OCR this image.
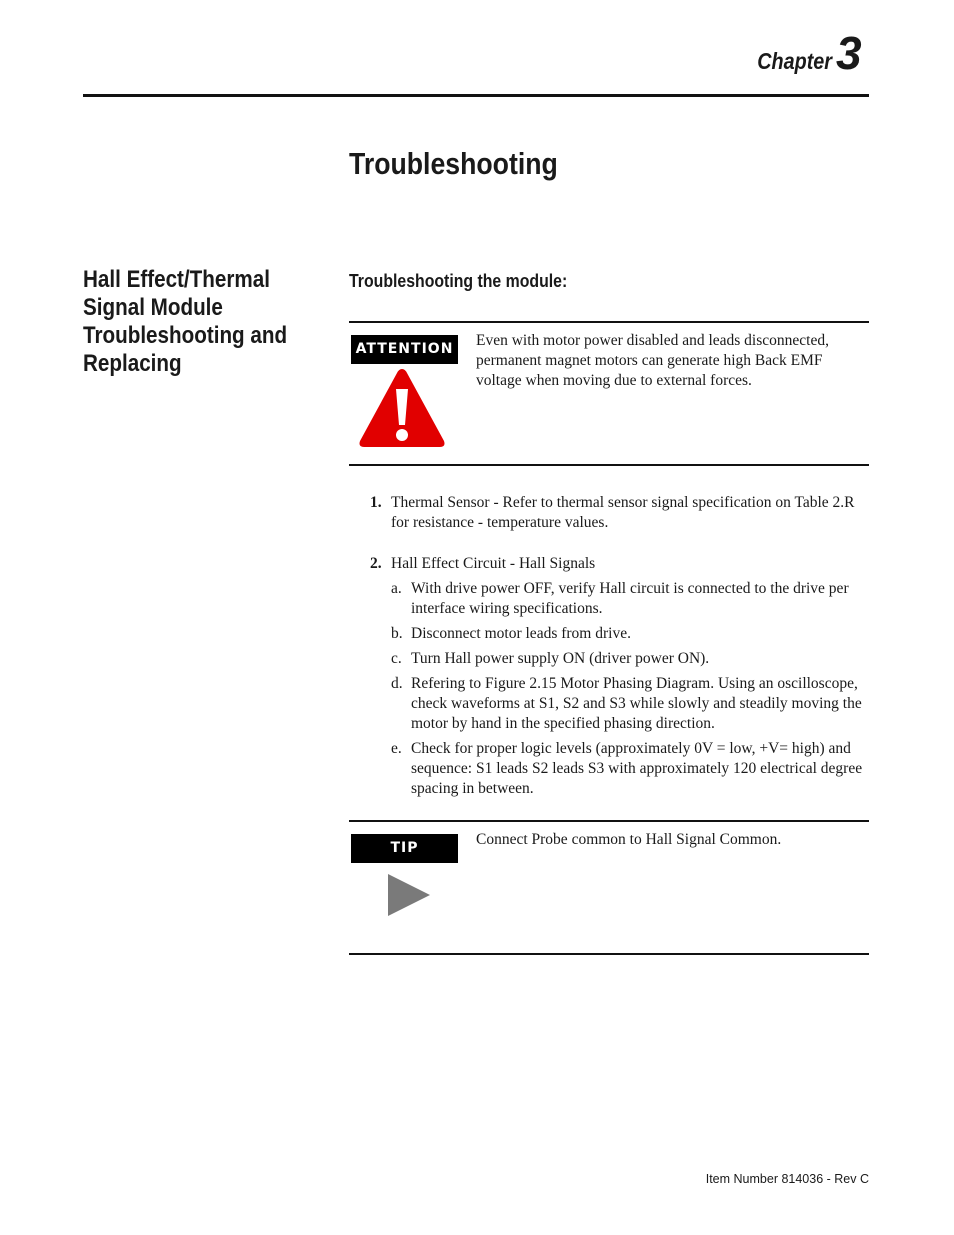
Chapter 3
Troubleshooting
Hall Effect/Thermal Signal Module Troubleshooting and Replacing
Troubleshooting the module:
ATTENTION Even with motor power disabled and leads disconnected, permanent magnet motors can generate high Back EMF voltage when moving due to external forces.
1. Thermal Sensor - Refer to thermal sensor signal specification on Table 2.R for resistance - temperature values.
2. Hall Effect Circuit - Hall Signals
a. With drive power OFF, verify Hall circuit is connected to the drive per interface wiring specifications.
b. Disconnect motor leads from drive.
c. Turn Hall power supply ON (driver power ON).
d. Refering to Figure 2.15 Motor Phasing Diagram. Using an oscilloscope, check waveforms at S1, S2 and S3 while slowly and steadily moving the motor by hand in the specified phasing direction.
e. Check for proper logic levels (approximately 0V = low, +V= high) and sequence: S1 leads S2 leads S3 with approximately 120 electrical degree spacing in between.
TIP	Connect Probe common to Hall Signal Common.
Item Number 814036 - Rev C
